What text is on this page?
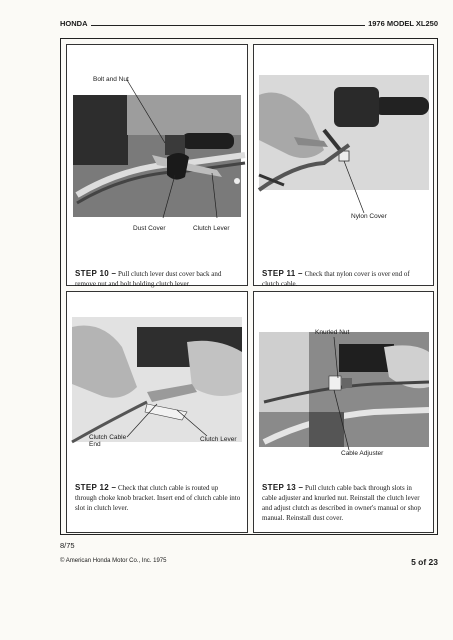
HONDA	1976 MODEL XL250
Bolt and Nut
Dust Cover	Clutch Lever
STEP 10 – Pull clutch lever dust cover back and remove nut and bolt holding clutch lever.
Nylon Cover
STEP 11 – Check that nylon cover is over end of clutch cable.
Clutch Cable
End
Clutch Lever
STEP 12 – Check that clutch cable is routed up through choke knob bracket. Insert end of clutch cable into slot in clutch lever.
Knurled Nut
Cable Adjuster
STEP 13 – Pull clutch cable back through slots in cable adjuster and knurled nut. Reinstall the clutch lever and adjust clutch as described in owner's manual or shop manual. Reinstall dust cover.
8/75
© American Honda Motor Co., Inc. 1975	5 of 23
